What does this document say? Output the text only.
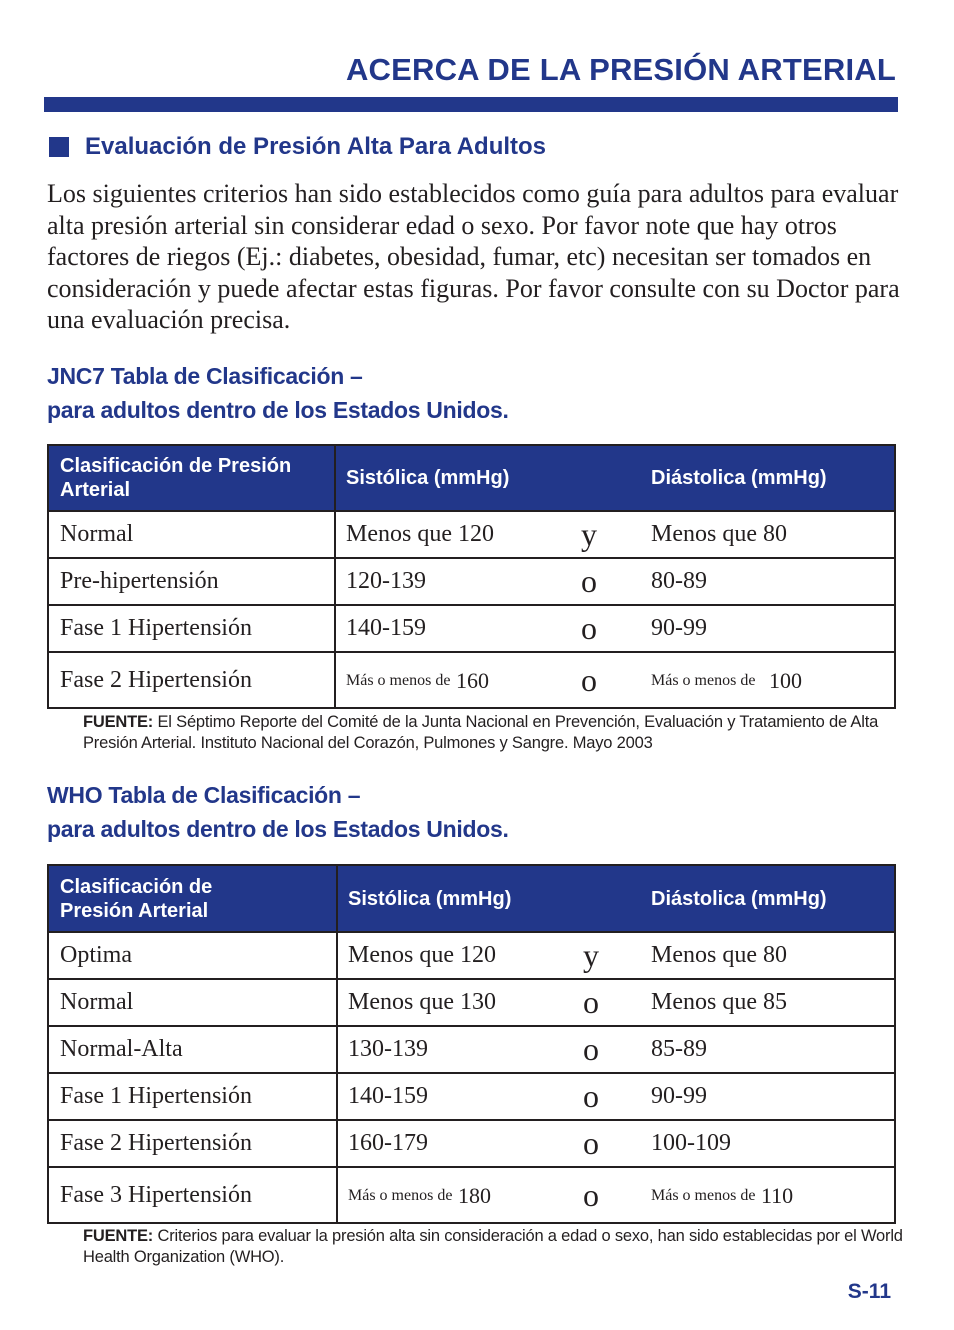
ACERCA DE LA PRESIÓN ARTERIAL
Evaluación de Presión Alta Para Adultos

Los siguientes criterios han sido establecidos como guía para adultos para evaluar alta presión arterial sin considerar edad o sexo. Por favor note que hay otros factores de riegos (Ej.: diabetes, obesidad, fumar, etc) necesitan ser tomados en consideración y puede afectar estas figuras. Por favor consulte con su Doctor para una evaluación precisa.

JNC7 Tabla de Clasificación –
para adultos dentro de los Estados Unidos.
Clasificación de Presión Arterial	Sistólica (mmHg)		Diástolica (mmHg)
Normal	Menos que 120	y	Menos que 80
Pre-hipertensión	120-139	o	80-89
Fase 1 Hipertensión	140-159	o	90-99
Fase 2 Hipertensión	Más o menos de 160	o	Más o menos de 100

FUENTE: El Séptimo Reporte del Comité de la Junta Nacional en Prevención, Evaluación y Tratamiento de Alta Presión Arterial. Instituto Nacional del Corazón, Pulmones y Sangre. Mayo 2003

WHO Tabla de Clasificación –
para adultos dentro de los Estados Unidos.
Clasificación de Presión Arterial	Sistólica (mmHg)		Diástolica (mmHg)
Optima	Menos que 120	y	Menos que 80
Normal	Menos que 130	o	Menos que 85
Normal-Alta	130-139	o	85-89
Fase 1 Hipertensión	140-159	o	90-99
Fase 2 Hipertensión	160-179	o	100-109
Fase 3 Hipertensión	Más o menos de 180	o	Más o menos de 110

FUENTE: Criterios para evaluar la presión alta sin consideración a edad o sexo, han sido establecidas por el World Health Organization (WHO).

S-11
